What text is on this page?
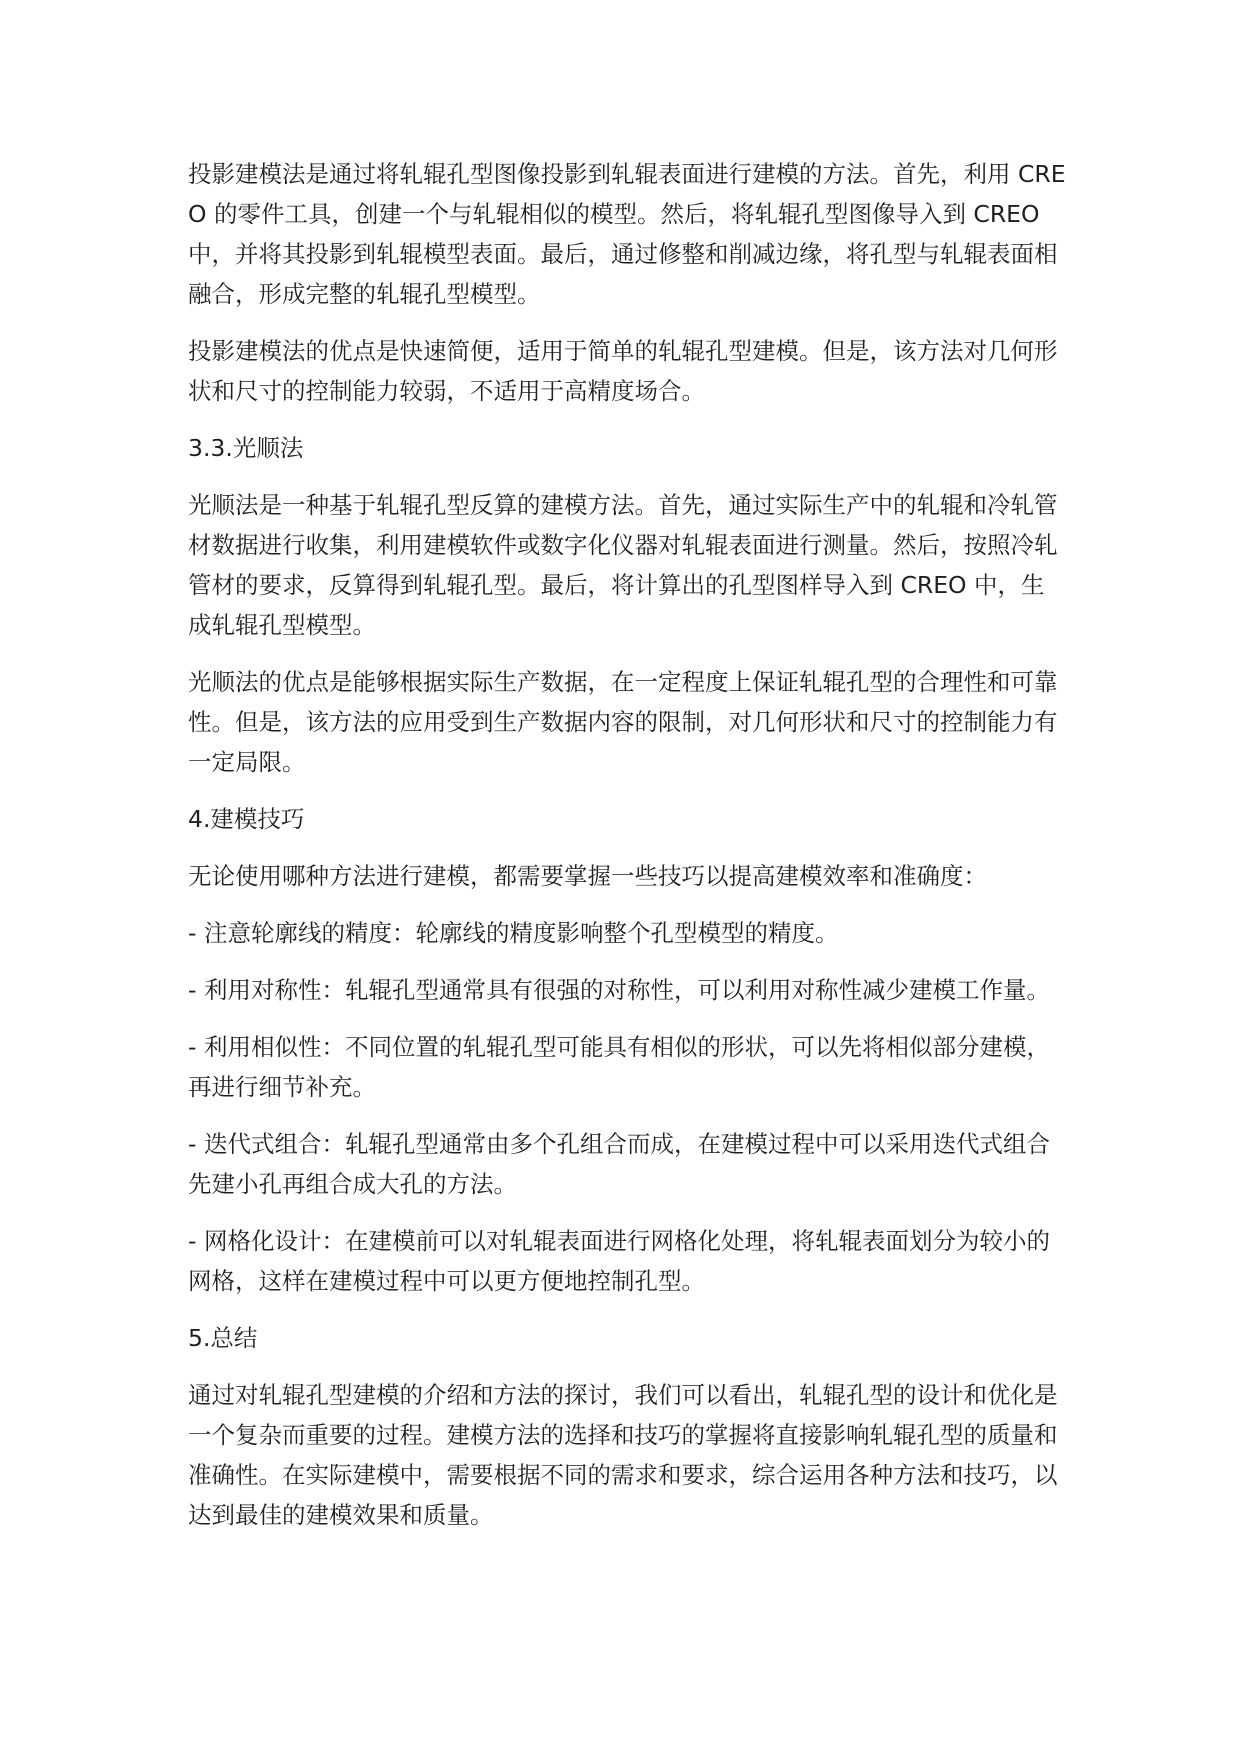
投影建模法是通过将轧辊孔型图像投影到轧辊表面进行建模的方法。首先，利用 CREO 的零件工具，创建一个与轧辊相似的模型。然后，将轧辊孔型图像导入到 CREO 中，并将其投影到轧辊模型表面。最后，通过修整和削减边缘，将孔型与轧辊表面相融合，形成完整的轧辊孔型模型。

投影建模法的优点是快速简便，适用于简单的轧辊孔型建模。但是，该方法对几何形状和尺寸的控制能力较弱，不适用于高精度场合。

3.3.光顺法

光顺法是一种基于轧辊孔型反算的建模方法。首先，通过实际生产中的轧辊和冷轧管材数据进行收集，利用建模软件或数字化仪器对轧辊表面进行测量。然后，按照冷轧管材的要求，反算得到轧辊孔型。最后，将计算出的孔型图样导入到 CREO 中，生成轧辊孔型模型。

光顺法的优点是能够根据实际生产数据，在一定程度上保证轧辊孔型的合理性和可靠性。但是，该方法的应用受到生产数据内容的限制，对几何形状和尺寸的控制能力有一定局限。

4.建模技巧

无论使用哪种方法进行建模，都需要掌握一些技巧以提高建模效率和准确度：

- 注意轮廓线的精度：轮廓线的精度影响整个孔型模型的精度。

- 利用对称性：轧辊孔型通常具有很强的对称性，可以利用对称性减少建模工作量。

- 利用相似性：不同位置的轧辊孔型可能具有相似的形状，可以先将相似部分建模，再进行细节补充。

- 迭代式组合：轧辊孔型通常由多个孔组合而成，在建模过程中可以采用迭代式组合先建小孔再组合成大孔的方法。

- 网格化设计：在建模前可以对轧辊表面进行网格化处理，将轧辊表面划分为较小的网格，这样在建模过程中可以更方便地控制孔型。

5.总结

通过对轧辊孔型建模的介绍和方法的探讨，我们可以看出，轧辊孔型的设计和优化是一个复杂而重要的过程。建模方法的选择和技巧的掌握将直接影响轧辊孔型的质量和准确性。在实际建模中，需要根据不同的需求和要求，综合运用各种方法和技巧，以达到最佳的建模效果和质量。
